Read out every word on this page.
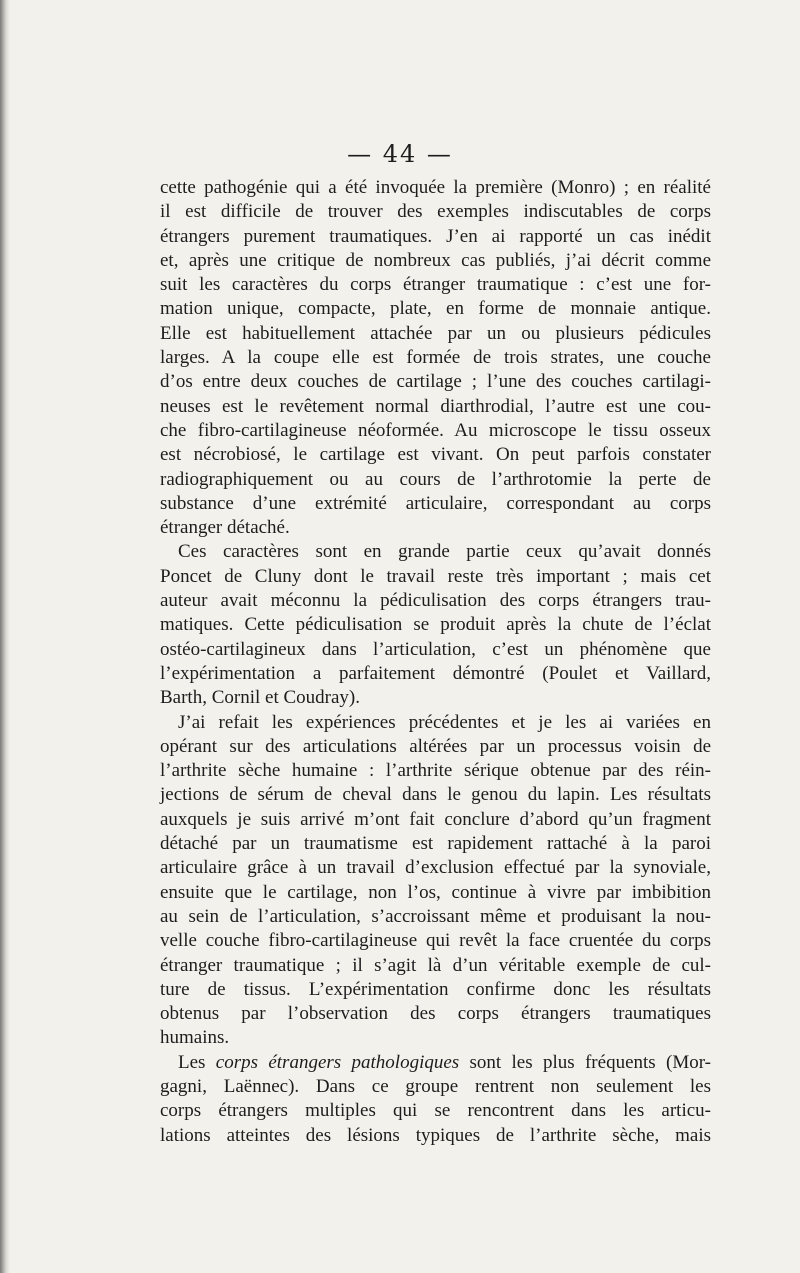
— 44 —
cette pathogénie qui a été invoquée la première (Monro) ; en réalité
il est difficile de trouver des exemples indiscutables de corps
étrangers purement traumatiques. J’en ai rapporté un cas inédit
et, après une critique de nombreux cas publiés, j’ai décrit comme
suit les caractères du corps étranger traumatique : c’est une for-
mation unique, compacte, plate, en forme de monnaie antique.
Elle est habituellement attachée par un ou plusieurs pédicules
larges. A la coupe elle est formée de trois strates, une couche
d’os entre deux couches de cartilage ; l’une des couches cartilagi-
neuses est le revêtement normal diarthrodial, l’autre est une cou-
che fibro-cartilagineuse néoformée. Au microscope le tissu osseux
est nécrobiosé, le cartilage est vivant. On peut parfois constater
radiographiquement ou au cours de l’arthrotomie la perte de
substance d’une extrémité articulaire, correspondant au corps
étranger détaché.
Ces caractères sont en grande partie ceux qu’avait donnés
Poncet de Cluny dont le travail reste très important ; mais cet
auteur avait méconnu la pédiculisation des corps étrangers trau-
matiques. Cette pédiculisation se produit après la chute de l’éclat
ostéo-cartilagineux dans l’articulation, c’est un phénomène que
l’expérimentation a parfaitement démontré (Poulet et Vaillard,
Barth, Cornil et Coudray).
J’ai refait les expériences précédentes et je les ai variées en
opérant sur des articulations altérées par un processus voisin de
l’arthrite sèche humaine : l’arthrite sérique obtenue par des réin-
jections de sérum de cheval dans le genou du lapin. Les résultats
auxquels je suis arrivé m’ont fait conclure d’abord qu’un fragment
détaché par un traumatisme est rapidement rattaché à la paroi
articulaire grâce à un travail d’exclusion effectué par la synoviale,
ensuite que le cartilage, non l’os, continue à vivre par imbibition
au sein de l’articulation, s’accroissant même et produisant la nou-
velle couche fibro-cartilagineuse qui revêt la face cruentée du corps
étranger traumatique ; il s’agit là d’un véritable exemple de cul-
ture de tissus. L’expérimentation confirme donc les résultats
obtenus par l’observation des corps étrangers traumatiques
humains.
Les corps étrangers pathologiques sont les plus fréquents (Mor-
gagni, Laënnec). Dans ce groupe rentrent non seulement les
corps étrangers multiples qui se rencontrent dans les articu-
lations atteintes des lésions typiques de l’arthrite sèche, mais
